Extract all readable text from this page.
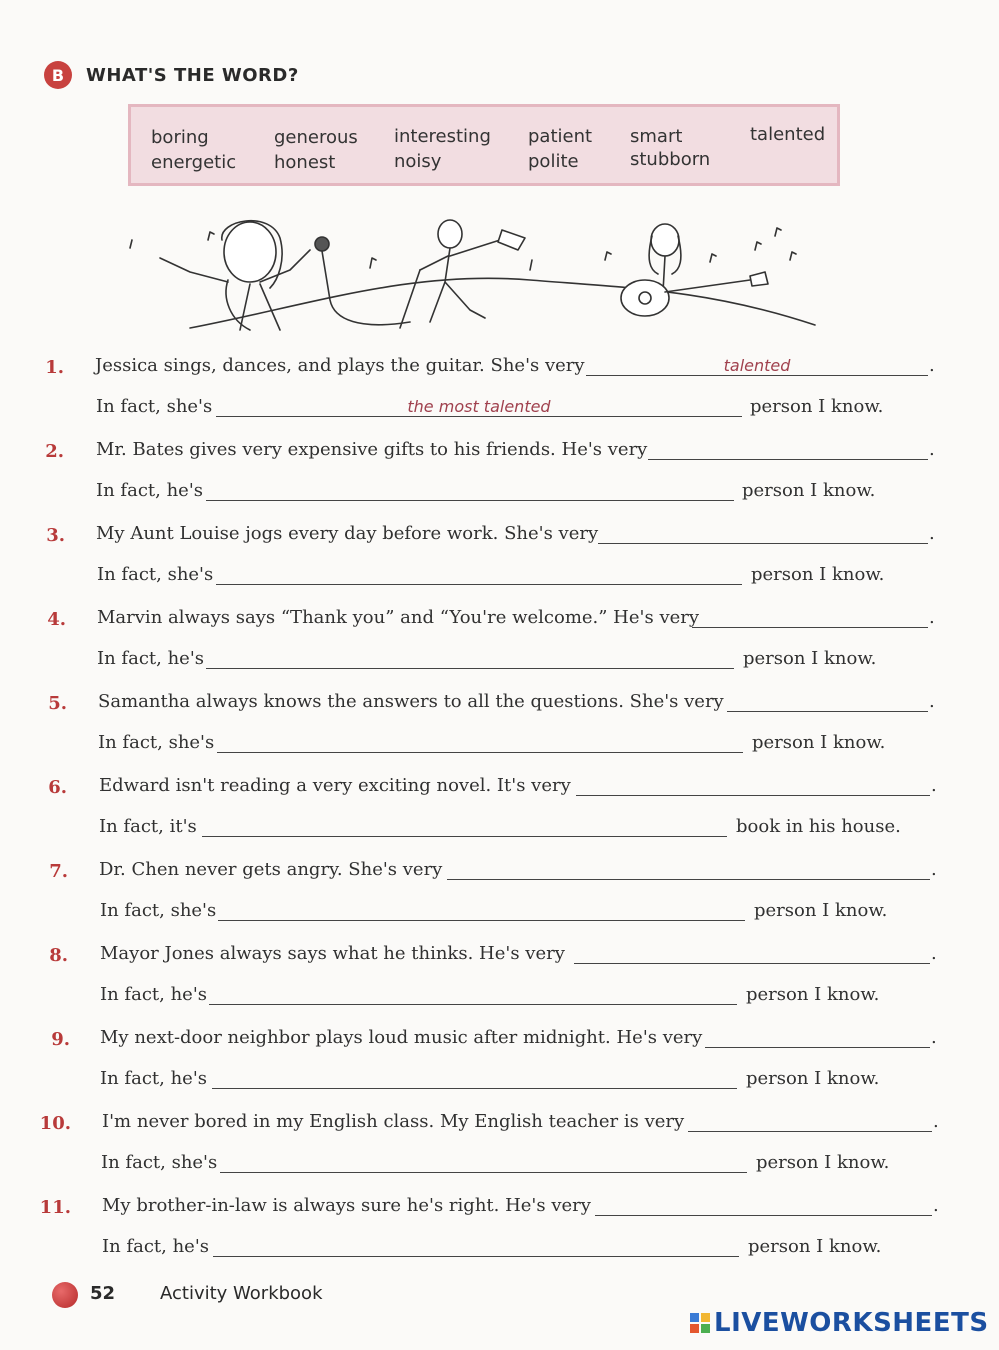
B	WHAT'S THE WORD?
boring
energetic
generous
honest
interesting
noisy
patient
polite
smart
stubborn
talented
1. Jessica sings, dances, and plays the guitar. She's very	talented	.
In fact, she's	the most talented	person I know.
2. Mr. Bates gives very expensive gifts to his friends. He's very	.
In fact, he's	person I know.
3. My Aunt Louise jogs every day before work. She's very	.
In fact, she's	person I know.
4. Marvin always says “Thank you” and “You're welcome.” He's very	.
In fact, he's	person I know.
5. Samantha always knows the answers to all the questions. She's very	.
In fact, she's	person I know.
6. Edward isn't reading a very exciting novel. It's very	.
In fact, it's	book in his house.
7. Dr. Chen never gets angry. She's very	.
In fact, she's	person I know.
8. Mayor Jones always says what he thinks. He's very	.
In fact, he's	person I know.
9. My next-door neighbor plays loud music after midnight. He's very	.
In fact, he's	person I know.
10. I'm never bored in my English class. My English teacher is very	.
In fact, she's	person I know.
11. My brother-in-law is always sure he's right. He's very	.
In fact, he's	person I know.
52 Activity Workbook
LIVEWORKSHEETS
